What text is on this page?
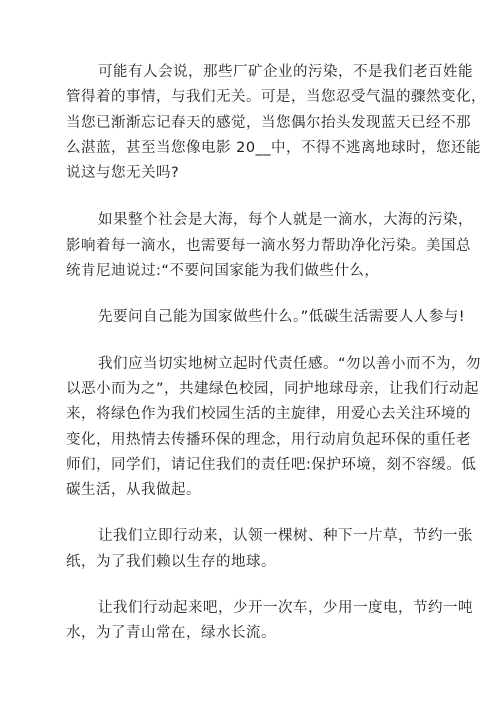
可能有人会说，那些厂矿企业的污染，不是我们老百姓能
管得着的事情，与我们无关。可是，当您忍受气温的骤然变化，
当您已渐渐忘记春天的感觉，当您偶尔抬头发现蓝天已经不那
么湛蓝，甚至当您像电影 20__中，不得不逃离地球时，您还能
说这与您无关吗?

如果整个社会是大海，每个人就是一滴水，大海的污染，
影响着每一滴水，也需要每一滴水努力帮助净化污染。美国总
统肯尼迪说过:“不要问国家能为我们做些什么，

先要问自己能为国家做些什么。”低碳生活需要人人参与!

我们应当切实地树立起时代责任感。“勿以善小而不为，勿
以恶小而为之”，共建绿色校园，同护地球母亲，让我们行动起
来，将绿色作为我们校园生活的主旋律，用爱心去关注环境的
变化，用热情去传播环保的理念，用行动肩负起环保的重任老
师们，同学们，请记住我们的责任吧:保护环境，刻不容缓。低
碳生活，从我做起。

让我们立即行动来，认领一棵树、种下一片草，节约一张
纸，为了我们赖以生存的地球。

让我们行动起来吧，少开一次车，少用一度电，节约一吨
水，为了青山常在，绿水长流。
